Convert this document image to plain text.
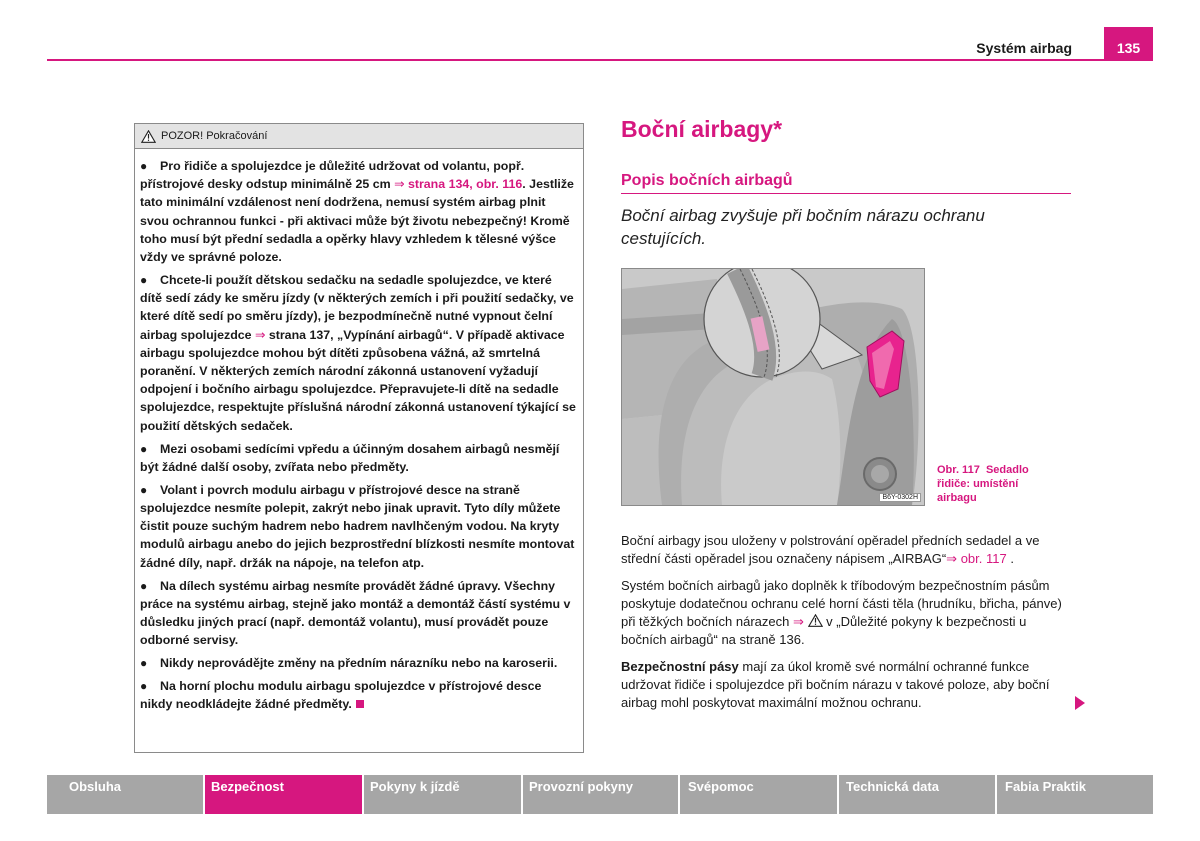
Systém airbag	135
POZOR! Pokračování

● Pro řidiče a spolujezdce je důležité udržovat od volantu, popř. přístrojové desky odstup minimálně 25 cm ⇒ strana 134, obr. 116. Jestliže tato minimální vzdálenost není dodržena, nemusí systém airbag plnit svou ochrannou funkci - při aktivaci může být životu nebezpečný! Kromě toho musí být přední sedadla a opěrky hlavy vzhledem k tělesné výšce vždy ve správné poloze.

● Chcete-li použít dětskou sedačku na sedadle spolujezdce, ve které dítě sedí zády ke směru jízdy (v některých zemích i při použití sedačky, ve které dítě sedí po směru jízdy), je bezpodmínečně nutné vypnout čelní airbag spolujezdce ⇒ strana 137, „Vypínání airbagů“. V případě aktivace airbagu spolujezdce mohou být dítěti způsobena vážná, až smrtelná poranění. V některých zemích národní zákonná ustanovení vyžadují odpojení i bočního airbagu spolujezdce. Přepravujete-li dítě na sedadle spolujezdce, respektujte příslušná národní zákonná ustanovení týkající se použití dětských sedaček.

● Mezi osobami sedícími vpředu a účinným dosahem airbagů nesmějí být žádné další osoby, zvířata nebo předměty.

● Volant i povrch modulu airbagu v přístrojové desce na straně spolujezdce nesmíte polepit, zakrýt nebo jinak upravit. Tyto díly můžete čistit pouze suchým hadrem nebo hadrem navlhčeným vodou. Na kryty modulů airbagu anebo do jejich bezprostřední blízkosti nesmíte montovat žádné díly, např. držák na nápoje, na telefon atp.

● Na dílech systému airbag nesmíte provádět žádné úpravy. Všechny práce na systému airbag, stejně jako montáž a demontáž částí systému v důsledku jiných prací (např. demontáž volantu), musí provádět pouze odborné servisy.

● Nikdy neprovádějte změny na předním nárazníku nebo na karoserii.

● Na horní plochu modulu airbagu spolujezdce v přístrojové desce nikdy neodkládejte žádné předměty.

Boční airbagy*
Popis bočních airbagů
Boční airbag zvyšuje při bočním nárazu ochranu cestujících.
B6Y-0302H
Obr. 117 Sedadlo řidiče: umístění airbagu

Boční airbagy jsou uloženy v polstrování opěradel předních sedadel a ve střední části opěradel jsou označeny nápisem „AIRBAG“⇒ obr. 117 .

Systém bočních airbagů jako doplněk k tříbodovým bezpečnostním pásům poskytuje dodatečnou ochranu celé horní části těla (hrudníku, břicha, pánve) při těžkých bočních nárazech ⇒ v „Důležité pokyny k bezpečnosti u bočních airbagů“ na straně 136.

Bezpečnostní pásy mají za úkol kromě své normální ochranné funkce udržovat řidiče i spolujezdce při bočním nárazu v takové poloze, aby boční airbag mohl poskytovat maximální možnou ochranu.

Obsluha	Bezpečnost	Pokyny k jízdě	Provozní pokyny	Svépomoc	Technická data	Fabia Praktik
